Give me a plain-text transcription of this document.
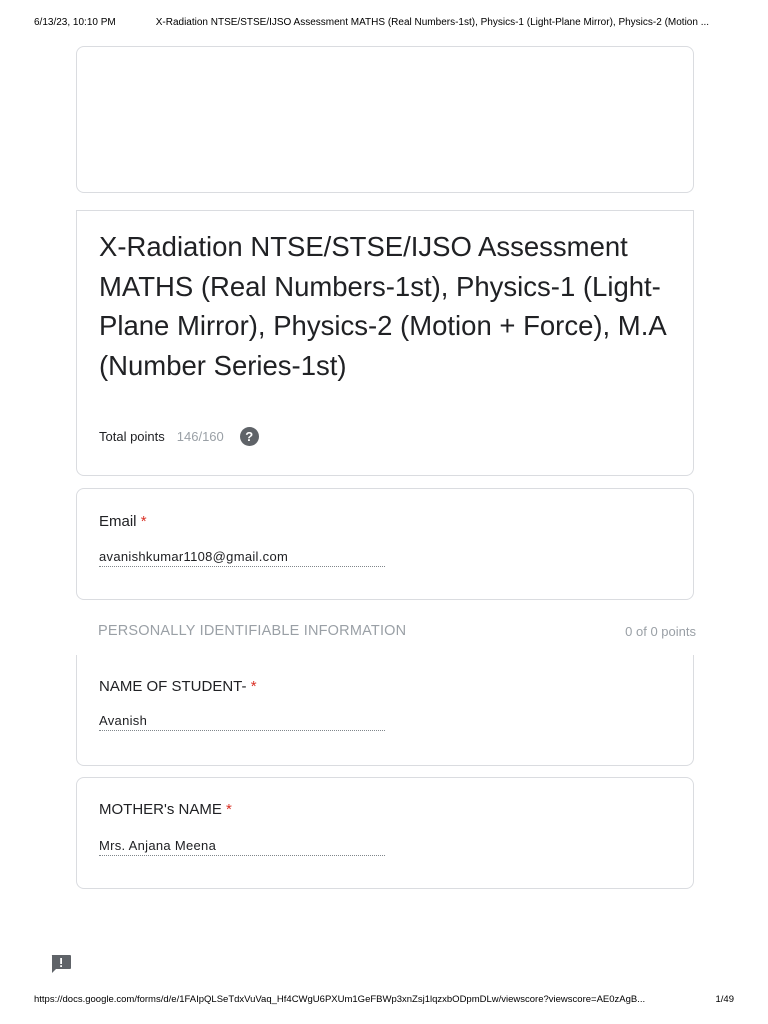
6/13/23, 10:10 PM	X-Radiation NTSE/STSE/IJSO Assessment MATHS (Real Numbers-1st), Physics-1 (Light-Plane Mirror), Physics-2 (Motion ...
X-Radiation NTSE/STSE/IJSO Assessment MATHS (Real Numbers-1st), Physics-1 (Light-Plane Mirror), Physics-2 (Motion + Force), M.A (Number Series-1st)
Total points 146/160	?
Email *
avanishkumar1108@gmail.com
PERSONALLY IDENTIFIABLE INFORMATION	0 of 0 points
NAME OF STUDENT- *
Avanish
MOTHER's NAME *
Mrs. Anjana Meena
https://docs.google.com/forms/d/e/1FAIpQLSeTdxVuVaq_Hf4CWgU6PXUm1GeFBWp3xnZsj1lqzxbODpmDLw/viewscore?viewscore=AE0zAgB...	1/49
